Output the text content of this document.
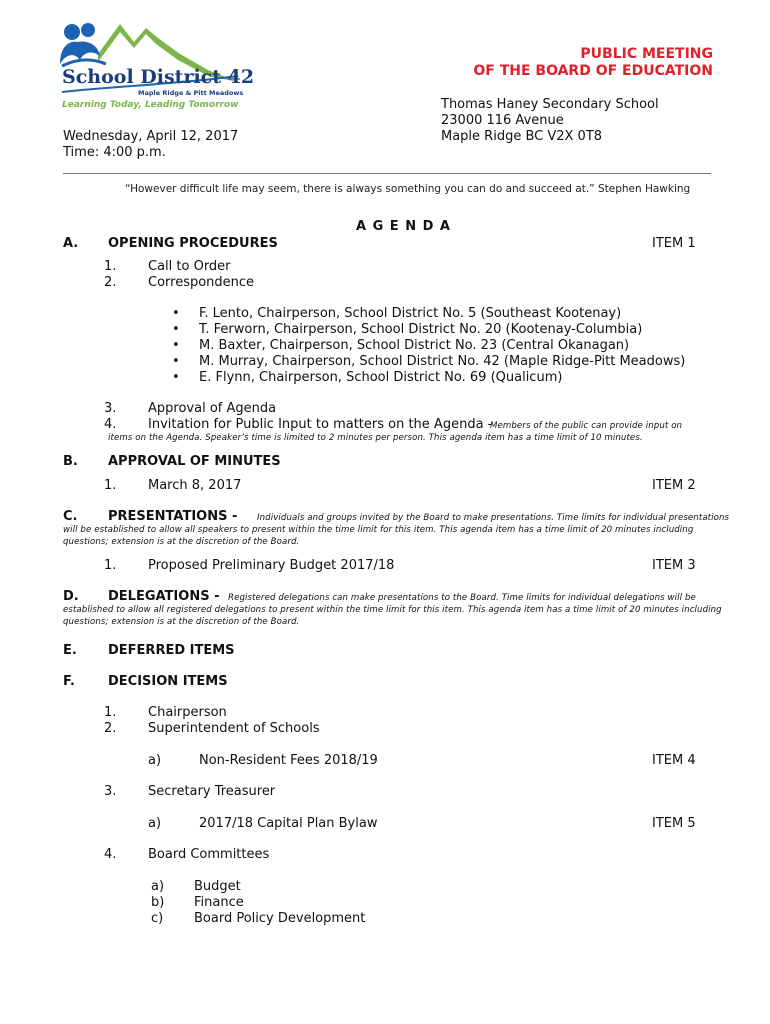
School District 42
Maple Ridge & Pitt Meadows
Learning Today, Leading Tomorrow
PUBLIC MEETING
OF THE BOARD OF EDUCATION
Thomas Haney Secondary School
23000 116 Avenue
Maple Ridge BC V2X 0T8
Wednesday, April 12, 2017
Time: 4:00 p.m.
“However difficult life may seem, there is always something you can do and succeed at.” Stephen Hawking
A G E N D A
A. OPENING PROCEDURES	ITEM 1
1. Call to Order
2. Correspondence
• F. Lento, Chairperson, School District No. 5 (Southeast Kootenay)
• T. Ferworn, Chairperson, School District No. 20 (Kootenay-Columbia)
• M. Baxter, Chairperson, School District No. 23 (Central Okanagan)
• M. Murray, Chairperson, School District No. 42 (Maple Ridge-Pitt Meadows)
• E. Flynn, Chairperson, School District No. 69 (Qualicum)
3. Approval of Agenda
4. Invitation for Public Input to matters on the Agenda -
Members of the public can provide input on
items on the Agenda. Speaker’s time is limited to 2 minutes per person. This agenda item has a time limit of 10 minutes.
B. APPROVAL OF MINUTES
1. March 8, 2017	ITEM 2
C. PRESENTATIONS - Individuals and groups invited by the Board to make presentations. Time limits for individual presentations
will be established to allow all speakers to present within the time limit for this item. This agenda item has a time limit of 20 minutes including
questions; extension is at the discretion of the Board.
1. Proposed Preliminary Budget 2017/18	ITEM 3
D. DELEGATIONS - Registered delegations can make presentations to the Board. Time limits for individual delegations will be
established to allow all registered delegations to present within the time limit for this item. This agenda item has a time limit of 20 minutes including
questions; extension is at the discretion of the Board.
E. DEFERRED ITEMS
F.	DECISION ITEMS
1. Chairperson
2. Superintendent of Schools
a)	Non-Resident Fees 2018/19	ITEM 4
3. Secretary Treasurer
a)	2017/18 Capital Plan Bylaw	ITEM 5
4. Board Committees
a) Budget
b) Finance
c) Board Policy Development
